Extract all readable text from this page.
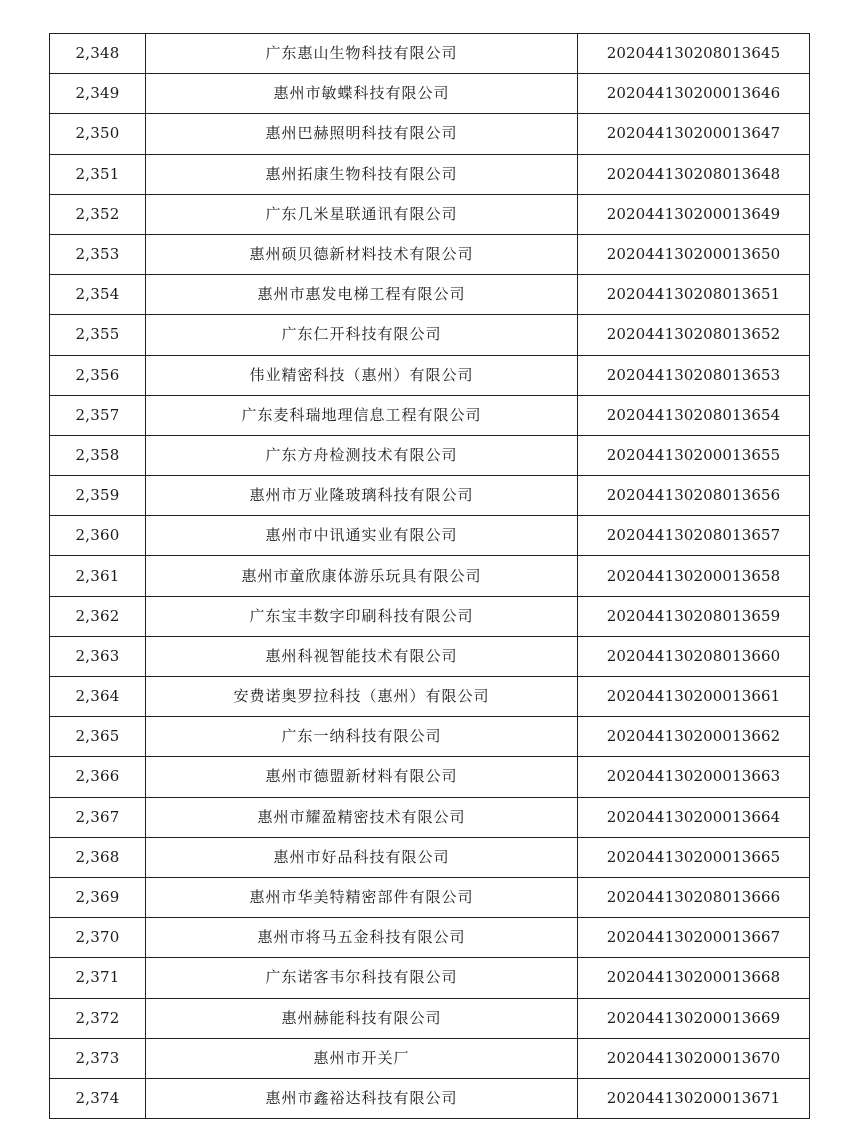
2,348	广东惠山生物科技有限公司	202044130208013645
2,349	惠州市敏蝶科技有限公司	202044130200013646
2,350	惠州巴赫照明科技有限公司	202044130200013647
2,351	惠州拓康生物科技有限公司	202044130208013648
2,352	广东几米星联通讯有限公司	202044130200013649
2,353	惠州硕贝德新材料技术有限公司	202044130200013650
2,354	惠州市惠发电梯工程有限公司	202044130208013651
2,355	广东仁开科技有限公司	202044130208013652
2,356	伟业精密科技（惠州）有限公司	202044130208013653
2,357	广东麦科瑞地理信息工程有限公司	202044130208013654
2,358	广东方舟检测技术有限公司	202044130200013655
2,359	惠州市万业隆玻璃科技有限公司	202044130208013656
2,360	惠州市中讯通实业有限公司	202044130208013657
2,361	惠州市童欣康体游乐玩具有限公司	202044130200013658
2,362	广东宝丰数字印刷科技有限公司	202044130208013659
2,363	惠州科视智能技术有限公司	202044130208013660
2,364	安费诺奥罗拉科技（惠州）有限公司	202044130200013661
2,365	广东一纳科技有限公司	202044130200013662
2,366	惠州市德盟新材料有限公司	202044130200013663
2,367	惠州市耀盈精密技术有限公司	202044130200013664
2,368	惠州市好品科技有限公司	202044130200013665
2,369	惠州市华美特精密部件有限公司	202044130208013666
2,370	惠州市将马五金科技有限公司	202044130200013667
2,371	广东诺客韦尔科技有限公司	202044130200013668
2,372	惠州赫能科技有限公司	202044130200013669
2,373	惠州市开关厂	202044130200013670
2,374	惠州市鑫裕达科技有限公司	202044130200013671
